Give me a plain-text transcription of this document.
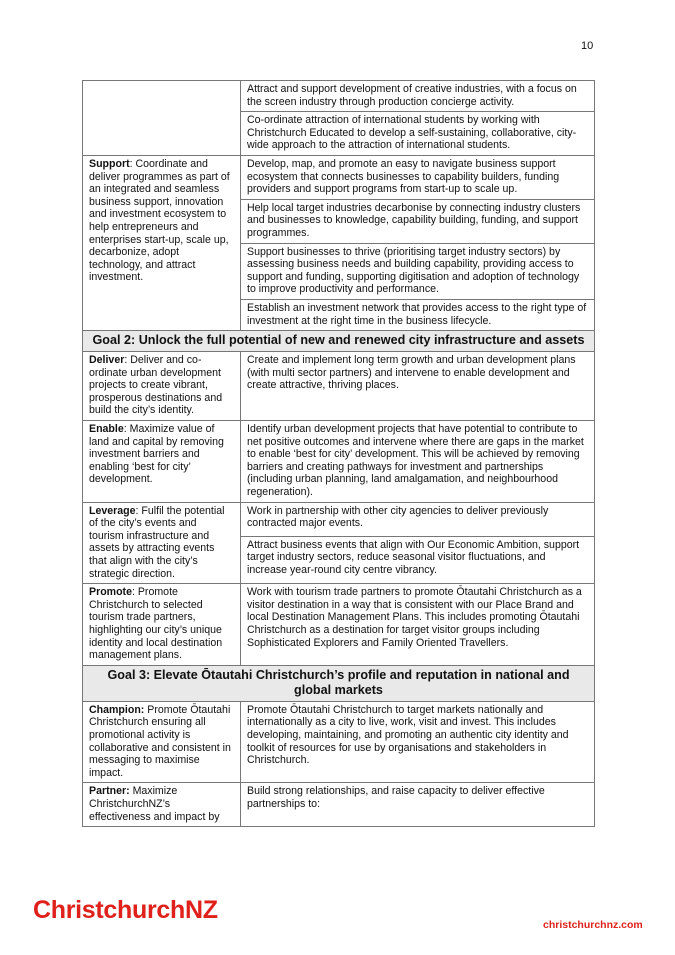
10
	Attract and support development of creative industries, with a focus on the screen industry through production concierge activity.
	Co-ordinate attraction of international students by working with Christchurch Educated to develop a self-sustaining, collaborative, city-wide approach to the attraction of international students.
Support: Coordinate and deliver programmes as part of an integrated and seamless business support, innovation and investment ecosystem to help entrepreneurs and enterprises start-up, scale up, decarbonize, adopt technology, and attract investment.	Develop, map, and promote an easy to navigate business support ecosystem that connects businesses to capability builders, funding providers and support programs from start-up to scale up.
	Help local target industries decarbonise by connecting industry clusters and businesses to knowledge, capability building, funding, and support programmes.
	Support businesses to thrive (prioritising target industry sectors) by assessing business needs and building capability, providing access to support and funding, supporting digitisation and adoption of technology to improve productivity and performance.
	Establish an investment network that provides access to the right type of investment at the right time in the business lifecycle.
Goal 2: Unlock the full potential of new and renewed city infrastructure and assets	
Deliver: Deliver and co-ordinate urban development projects to create vibrant, prosperous destinations and build the city’s identity.	Create and implement long term growth and urban development plans (with multi sector partners) and intervene to enable development and create attractive, thriving places.
Enable: Maximize value of land and capital by removing investment barriers and enabling ‘best for city’ development.	Identify urban development projects that have potential to contribute to net positive outcomes and intervene where there are gaps in the market to enable ‘best for city’ development. This will be achieved by removing barriers and creating pathways for investment and partnerships (including urban planning, land amalgamation, and neighbourhood regeneration).
Leverage: Fulfil the potential of the city’s events and tourism infrastructure and assets by attracting events that align with the city’s strategic direction.	Work in partnership with other city agencies to deliver previously contracted major events.
	Attract business events that align with Our Economic Ambition, support target industry sectors, reduce seasonal visitor fluctuations, and increase year-round city centre vibrancy.
Promote: Promote Christchurch to selected tourism trade partners, highlighting our city’s unique identity and local destination management plans.	Work with tourism trade partners to promote Ōtautahi Christchurch as a visitor destination in a way that is consistent with our Place Brand and local Destination Management Plans. This includes promoting Ōtautahi Christchurch as a destination for target visitor groups including Sophisticated Explorers and Family Oriented Travellers.
Goal 3: Elevate Ōtautahi Christchurch’s profile and reputation in national and global markets	
Champion: Promote Ōtautahi Christchurch ensuring all promotional activity is collaborative and consistent in messaging to maximise impact.	Promote Ōtautahi Christchurch to target markets nationally and internationally as a city to live, work, visit and invest. This includes developing, maintaining, and promoting an authentic city identity and toolkit of resources for use by organisations and stakeholders in Christchurch.
Partner: Maximize ChristchurchNZ’s effectiveness and impact by	Build strong relationships, and raise capacity to deliver effective partnerships to:
ChristchurchNZ
christchurchnz.com
